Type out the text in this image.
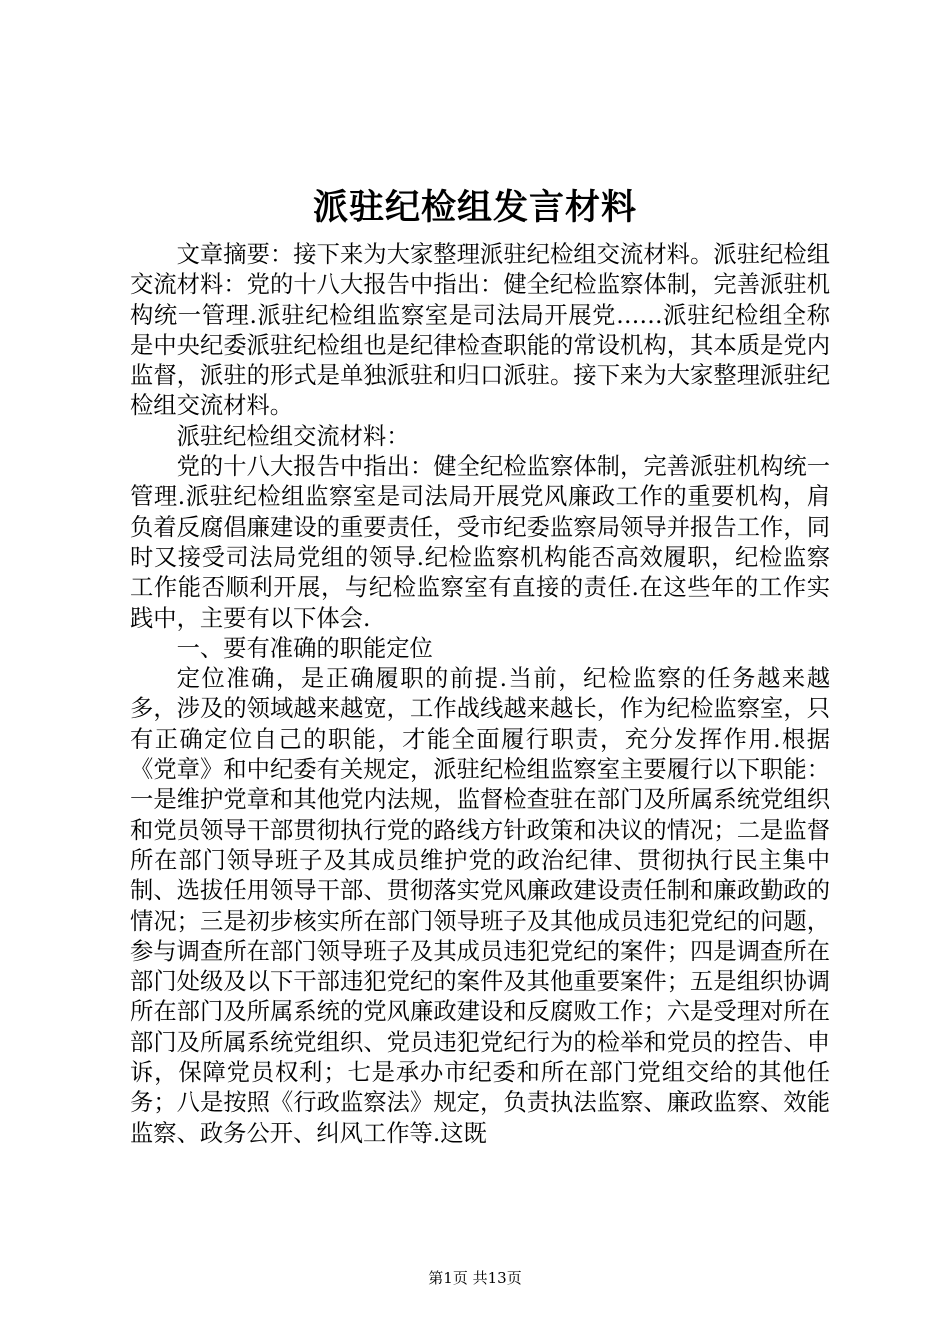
派驻纪检组发言材料

文章摘要：接下来为大家整理派驻纪检组交流材料。派驻纪检组交流材料：党的十八大报告中指出：健全纪检监察体制，完善派驻机构统一管理.派驻纪检组监察室是司法局开展党……派驻纪检组全称是中央纪委派驻纪检组也是纪律检查职能的常设机构，其本质是党内监督，派驻的形式是单独派驻和归口派驻。接下来为大家整理派驻纪检组交流材料。

派驻纪检组交流材料：

党的十八大报告中指出：健全纪检监察体制，完善派驻机构统一管理.派驻纪检组监察室是司法局开展党风廉政工作的重要机构，肩负着反腐倡廉建设的重要责任，受市纪委监察局领导并报告工作，同时又接受司法局党组的领导.纪检监察机构能否高效履职，纪检监察工作能否顺利开展，与纪检监察室有直接的责任.在这些年的工作实践中，主要有以下体会.

一、要有准确的职能定位

定位准确，是正确履职的前提.当前，纪检监察的任务越来越多，涉及的领域越来越宽，工作战线越来越长，作为纪检监察室，只有正确定位自己的职能，才能全面履行职责，充分发挥作用.根据《党章》和中纪委有关规定，派驻纪检组监察室主要履行以下职能：一是维护党章和其他党内法规，监督检查驻在部门及所属系统党组织和党员领导干部贯彻执行党的路线方针政策和决议的情况；二是监督所在部门领导班子及其成员维护党的政治纪律、贯彻执行民主集中制、选拔任用领导干部、贯彻落实党风廉政建设责任制和廉政勤政的情况；三是初步核实所在部门领导班子及其他成员违犯党纪的问题，参与调查所在部门领导班子及其成员违犯党纪的案件；四是调查所在部门处级及以下干部违犯党纪的案件及其他重要案件；五是组织协调所在部门及所属系统的党风廉政建设和反腐败工作；六是受理对所在部门及所属系统党组织、党员违犯党纪行为的检举和党员的控告、申诉，保障党员权利；七是承办市纪委和所在部门党组交给的其他任务；八是按照《行政监察法》规定，负责执法监察、廉政监察、效能监察、政务公开、纠风工作等.这既

第1页 共13页
